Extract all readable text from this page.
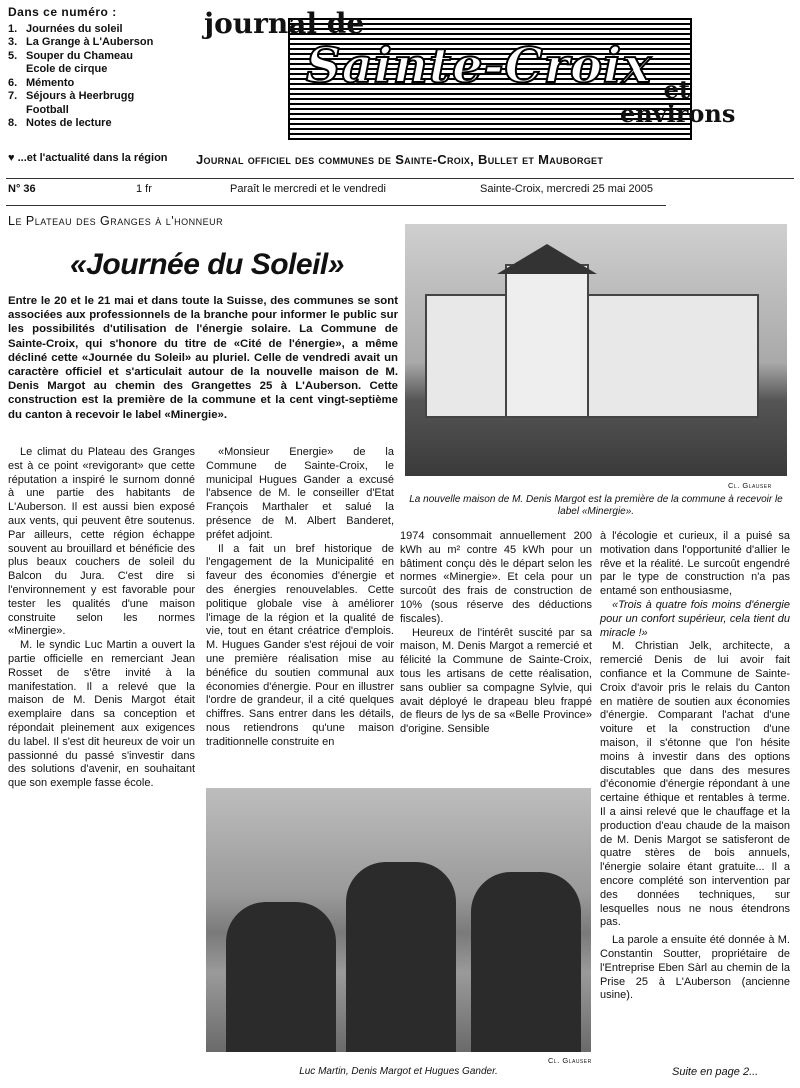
Dans ce numéro :
1. Journées du soleil
3. La Grange à L'Auberson
5. Souper du Chameau
Ecole de cirque
6. Mémento
7. Séjours à Heerbrugg
Football
8. Notes de lecture
♥ ...et l'actualité dans la région
journal de
Sainte-Croix et environs
Journal officiel des communes de Sainte-Croix, Bullet et Mauborget
N° 36	1 fr	Paraît le mercredi et le vendredi	Sainte-Croix, mercredi 25 mai 2005
Le Plateau des Granges à l'honneur
«Journée du Soleil»
Entre le 20 et le 21 mai et dans toute la Suisse, des communes se sont associées aux professionnels de la branche pour informer le public sur les possibilités d'utilisation de l'énergie solaire. La Commune de Sainte-Croix, qui s'honore du titre de «Cité de l'énergie», a même décliné cette «Journée du Soleil» au pluriel. Celle de vendredi avait un caractère officiel et s'articulait autour de la nouvelle maison de M. Denis Margot au chemin des Grangettes 25 à L'Auberson. Cette construction est la première de la commune et la cent vingt-septième du canton à recevoir le label «Minergie».
Cl. Glauser
La nouvelle maison de M. Denis Margot est la première de la commune à recevoir le label «Minergie».

Le climat du Plateau des Granges est à ce point «revigorant» que cette réputation a inspiré le surnom donné à une partie des habitants de L'Auberson. Il est aussi bien exposé aux vents, qui peuvent être soutenus. Par ailleurs, cette région échappe souvent au brouillard et bénéficie des plus beaux couchers de soleil du Balcon du Jura. C'est dire si l'environnement y est favorable pour tester les qualités d'une maison construite selon les normes «Minergie».

M. le syndic Luc Martin a ouvert la partie officielle en remerciant Jean Rosset de s'être invité à la manifestation. Il a relevé que la maison de M. Denis Margot était exemplaire dans sa conception et répondait pleinement aux exigences du label. Il s'est dit heureux de voir un passionné du passé s'investir dans des solutions d'avenir, en souhaitant que son exemple fasse école.

«Monsieur Energie» de la Commune de Sainte-Croix, le municipal Hugues Gander a excusé l'absence de M. le conseiller d'Etat François Marthaler et salué la présence de M. Albert Banderet, préfet adjoint.

Il a fait un bref historique de l'engagement de la Municipalité en faveur des économies d'énergie et des énergies renouvelables. Cette politique globale vise à améliorer l'image de la région et la qualité de vie, tout en étant créatrice d'emplois. M. Hugues Gander s'est réjoui de voir une première réalisation mise au bénéfice du soutien communal aux économies d'énergie. Pour en illustrer l'ordre de grandeur, il a cité quelques chiffres. Sans entrer dans les détails, nous retiendrons qu'une maison traditionnelle construite en

1974 consommait annuellement 200 kWh au m² contre 45 kWh pour un bâtiment conçu dès le départ selon les normes «Minergie». Et cela pour un surcoût des frais de construction de 10% (sous réserve des déductions fiscales).

Heureux de l'intérêt suscité par sa maison, M. Denis Margot a remercié et félicité la Commune de Sainte-Croix, tous les artisans de cette réalisation, sans oublier sa compagne Sylvie, qui avait déployé le drapeau bleu frappé de fleurs de lys de sa «Belle Province» d'origine. Sensible

à l'écologie et curieux, il a puisé sa motivation dans l'opportunité d'allier le rêve et la réalité. Le surcoût engendré par le type de construction n'a pas entamé son enthousiasme,

«Trois à quatre fois moins d'énergie pour un confort supérieur, cela tient du miracle !»

M. Christian Jelk, architecte, a remercié Denis de lui avoir fait confiance et la Commune de Sainte-Croix d'avoir pris le relais du Canton en matière de soutien aux économies d'énergie. Comparant l'achat d'une voiture et la construction d'une maison, il s'étonne que l'on hésite moins à investir dans des options discutables que dans des mesures d'économie d'énergie répondant à une certaine éthique et rentables à terme. Il a ainsi relevé que le chauffage et la production d'eau chaude de la maison de M. Denis Margot se satisferont de quatre stères de bois annuels, l'énergie solaire étant gratuite... Il a encore complété son intervention par des données techniques, sur lesquelles nous ne nous étendrons pas.

La parole a ensuite été donnée à M. Constantin Soutter, propriétaire de l'Entreprise Eben Sàrl au chemin de la Prise 25 à L'Auberson (ancienne usine).

Cl. Glauser
Luc Martin, Denis Margot et Hugues Gander.	Suite en page 2...
